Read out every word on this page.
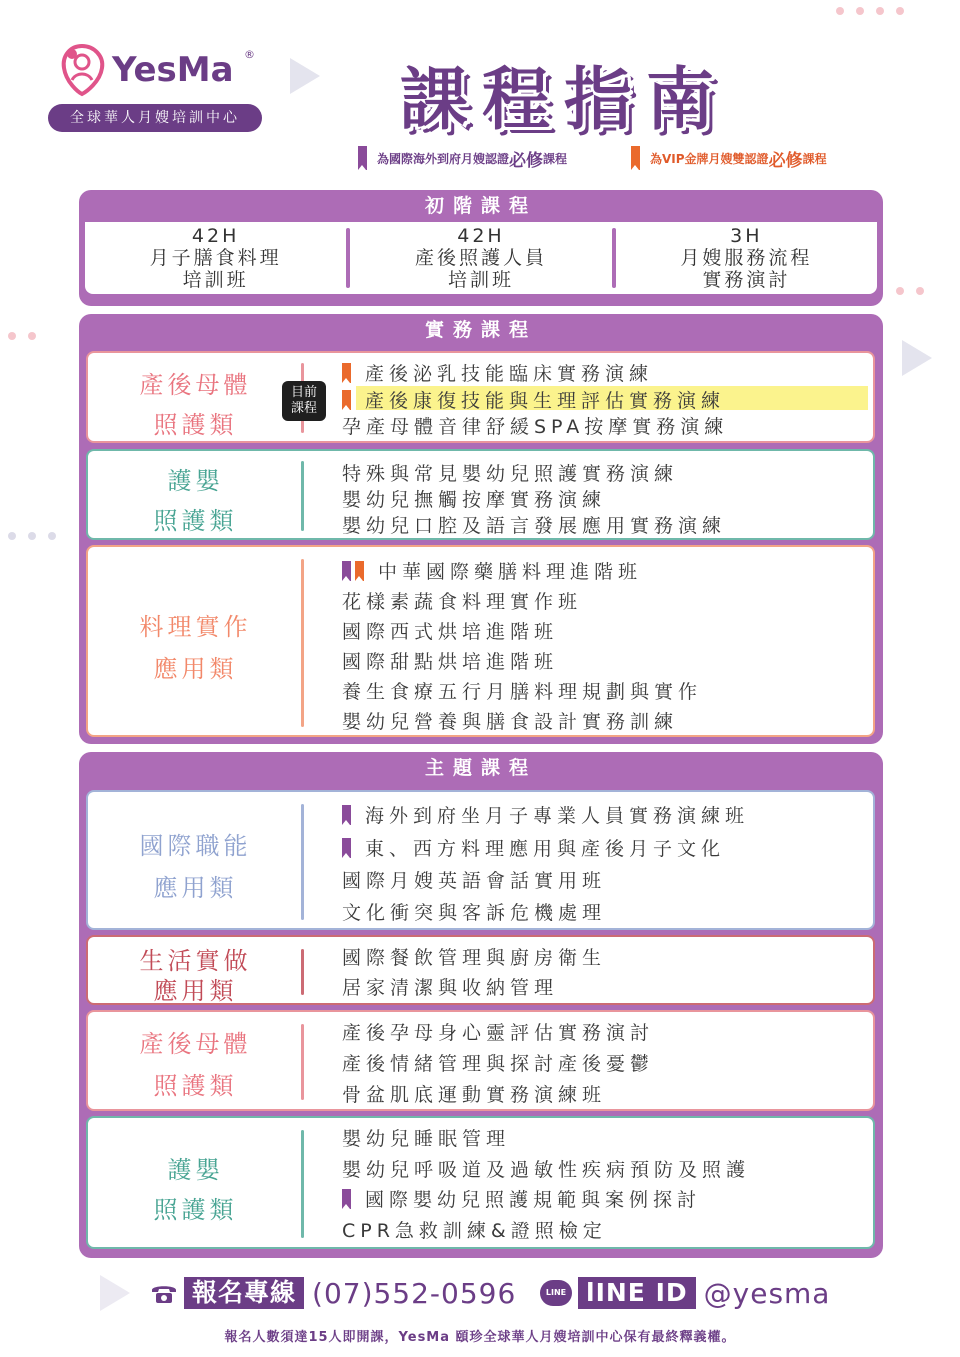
YesMa ®
全球華人月嫂培訓中心	課程指南
為國際海外到府月嫂認證 必修 課程	為VIP金牌月嫂雙認證 必修 課程
初階課程
42H
月子膳食料理
培訓班
42H
產後照護人員
培訓班
3H
月嫂服務流程
實務演討
實務課程
產後母體
照護類
目前
課程
產後泌乳技能臨床實務演練
產後康復技能與生理評估實務演練
孕產母體音律舒緩SPA按摩實務演練
護嬰
照護類
特殊與常見嬰幼兒照護實務演練
嬰幼兒撫觸按摩實務演練
嬰幼兒口腔及語言發展應用實務演練
料理實作
應用類
中華國際藥膳料理進階班
花樣素蔬食料理實作班
國際西式烘培進階班
國際甜點烘培進階班
養生食療五行月膳料理規劃與實作
嬰幼兒營養與膳食設計實務訓練
主題課程
國際職能
應用類
海外到府坐月子專業人員實務演練班
東、西方料理應用與產後月子文化
國際月嫂英語會話實用班
文化衝突與客訴危機處理
生活實做
應用類
國際餐飲管理與廚房衛生
居家清潔與收納管理
產後母體
照護類
產後孕母身心靈評估實務演討
產後情緒管理與探討產後憂鬱
骨盆肌底運動實務演練班
護嬰
照護類
嬰幼兒睡眠管理
嬰幼兒呼吸道及過敏性疾病預防及照護
國際嬰幼兒照護規範與案例探討
CPR急救訓練&證照檢定
報名專線 (07)552-0596	LINE lINE ID @yesma
報名人數須達15人即開課，YesMa 頤珍全球華人月嫂培訓中心保有最終釋義權。
